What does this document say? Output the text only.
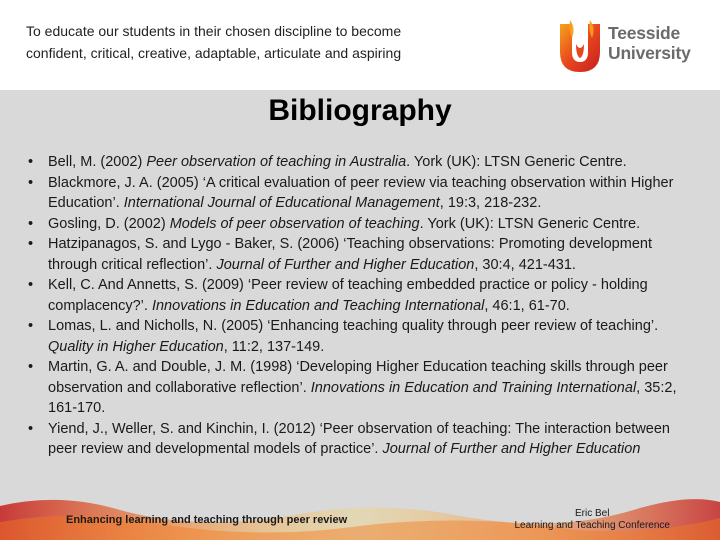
To educate our students in their chosen discipline to become
confident, critical, creative, adaptable, articulate and aspiring
Teesside
University
Bibliography
•	Bell, M. (2002) Peer observation of teaching in Australia. York (UK): LTSN Generic Centre.
•	Blackmore, J. A. (2005) ‘A critical evaluation of peer review via teaching observation within Higher Education’. International Journal of Educational Management, 19:3, 218-232.
•	Gosling, D. (2002) Models of peer observation of teaching. York (UK): LTSN Generic Centre.
•	Hatzipanagos, S. and Lygo - Baker, S. (2006) ‘Teaching observations: Promoting development through critical reflection’. Journal of Further and Higher Education, 30:4, 421-431.
•	Kell, C. And Annetts, S. (2009) ‘Peer review of teaching embedded practice or policy - holding complacency?’. Innovations in Education and Teaching International, 46:1, 61-70.
•	Lomas, L. and Nicholls, N. (2005) ‘Enhancing teaching quality through peer review of teaching’. Quality in Higher Education, 11:2, 137-149.
•	Martin, G. A. and Double, J. M. (1998) ‘Developing Higher Education teaching skills through peer observation and collaborative reflection’. Innovations in Education and Training International, 35:2, 161-170.
•	Yiend, J., Weller, S. and Kinchin, I. (2012) ‘Peer observation of teaching: The interaction between peer review and developmental models of practice’. Journal of Further and Higher Education
Enhancing learning and teaching through peer review
Eric Bel
Learning and Teaching Conference
